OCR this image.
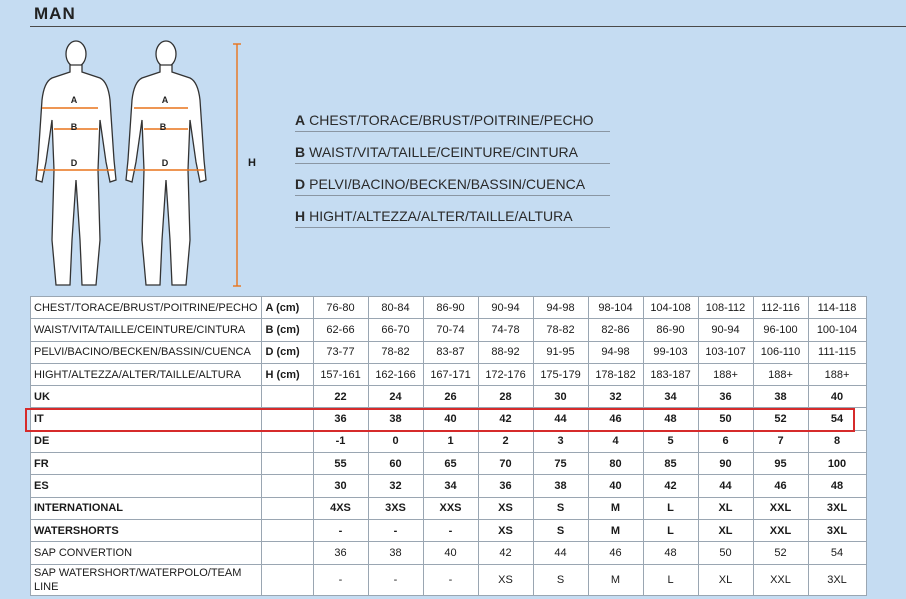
MAN
A
B
D
A
B
D	H
A CHEST/TORACE/BRUST/POITRINE/PECHO
B WAIST/VITA/TAILLE/CEINTURE/CINTURA
D PELVI/BACINO/BECKEN/BASSIN/CUENCA
H HIGHT/ALTEZZA/ALTER/TAILLE/ALTURA
CHEST/TORACE/BRUST/POITRINE/PECHO	A (cm)	76-80	80-84	86-90	90-94	94-98	98-104	104-108	108-112	112-116	114-118
WAIST/VITA/TAILLE/CEINTURE/CINTURA	B (cm)	62-66	66-70	70-74	74-78	78-82	82-86	86-90	90-94	96-100	100-104
PELVI/BACINO/BECKEN/BASSIN/CUENCA	D (cm)	73-77	78-82	83-87	88-92	91-95	94-98	99-103	103-107	106-110	111-115
HIGHT/ALTEZZA/ALTER/TAILLE/ALTURA	H (cm)	157-161	162-166	167-171	172-176	175-179	178-182	183-187	188+	188+	188+
UK		22	24	26	28	30	32	34	36	38	40
IT		36	38	40	42	44	46	48	50	52	54
DE		-1	0	1	2	3	4	5	6	7	8
FR		55	60	65	70	75	80	85	90	95	100
ES		30	32	34	36	38	40	42	44	46	48
INTERNATIONAL		4XS	3XS	XXS	XS	S	M	L	XL	XXL	3XL
WATERSHORTS		-	-	-	XS	S	M	L	XL	XXL	3XL
SAP CONVERTION		36	38	40	42	44	46	48	50	52	54
SAP WATERSHORT/WATERPOLO/TEAM LINE		-	-	-	XS	S	M	L	XL	XXL	3XL
